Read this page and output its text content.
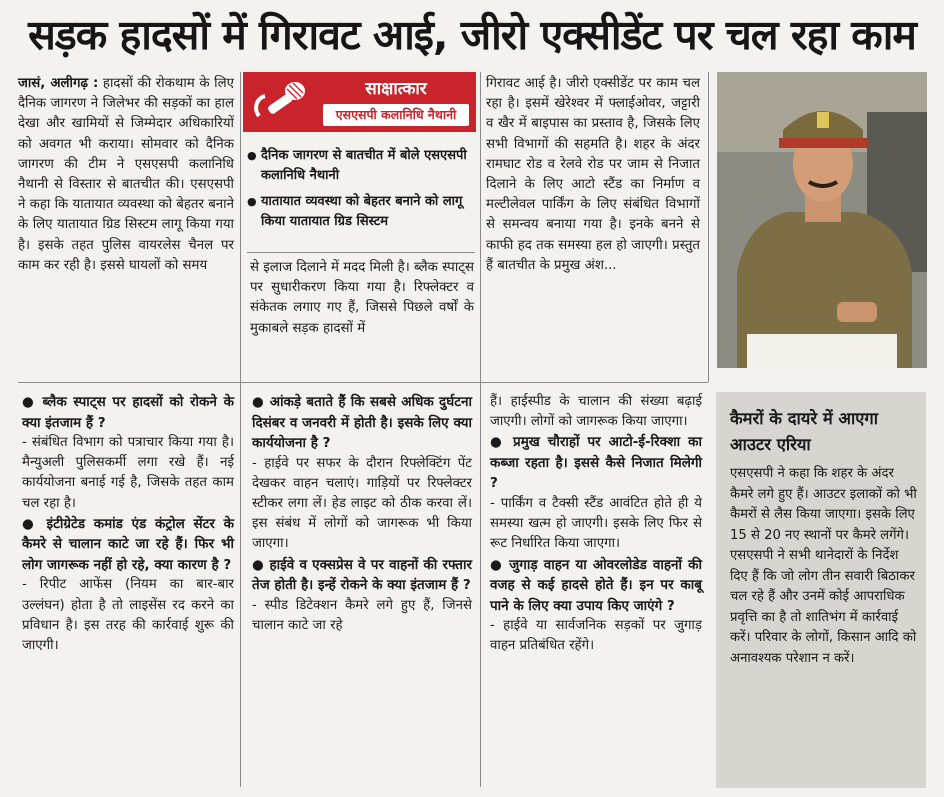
सड़क हादसों में गिरावट आई, जीरो एक्सीडेंट पर चल रहा काम

जासं, अलीगढ़ : हादसों की रोकथाम के लिए दैनिक जागरण ने जिलेभर की सड़कों का हाल देखा और खामियों से जिम्मेदार अधिकारियों को अवगत भी कराया। सोमवार को दैनिक जागरण की टीम ने एसएसपी कलानिधि नैथानी से विस्तार से बातचीत की। एसएसपी ने कहा कि यातायात व्यवस्था को बेहतर बनाने के लिए यातायात ग्रिड सिस्टम लागू किया गया है। इसके तहत पुलिस वायरलेस चैनल पर काम कर रही है। इससे घायलों को समय

साक्षात्कार
एसएसपी कलानिधि नैथानी
● दैनिक जागरण से बातचीत में बोले एसएसपी कलानिधि नैथानी
● यातायात व्यवस्था को बेहतर बनाने को लागू किया यातायात ग्रिड सिस्टम

से इलाज दिलाने में मदद मिली है। ब्लैक स्पाट्स पर सुधारीकरण किया गया है। रिफ्लेक्टर व संकेतक लगाए गए हैं, जिससे पिछले वर्षों के मुकाबले सड़क हादसों में

गिरावट आई है। जीरो एक्सीडेंट पर काम चल रहा है। इसमें खेरेश्वर में फ्लाईओवर, जट्टारी व खैर में बाइपास का प्रस्ताव है, जिसके लिए सभी विभागों की सहमति है। शहर के अंदर रामघाट रोड व रेलवे रोड पर जाम से निजात दिलाने के लिए आटो स्टैंड का निर्माण व मल्टीलेवल पार्किंग के लिए संबंधित विभागों से समन्वय बनाया गया है। इनके बनने से काफी हद तक समस्या हल हो जाएगी। प्रस्तुत हैं बातचीत के प्रमुख अंश...

● ब्लैक स्पाट्स पर हादसों को रोकने के क्या इंतजाम हैं ?

- संबंधित विभाग को पत्राचार किया गया है। मैन्युअली पुलिसकर्मी लगा रखे हैं। नई कार्ययोजना बनाई गई है, जिसके तहत काम चल रहा है।

● इंटीग्रेटेड कमांड एंड कंट्रोल सेंटर के कैमरे से चालान काटे जा रहे हैं। फिर भी लोग जागरूक नहीं हो रहे, क्या कारण है ?

- रिपीट आफेंस (नियम का बार-बार उल्लंघन) होता है तो लाइसेंस रद करने का प्रविधान है। इस तरह की कार्रवाई शुरू की जाएगी।

● आंकड़े बताते हैं कि सबसे अधिक दुर्घटना दिसंबर व जनवरी में होती है। इसके लिए क्या कार्ययोजना है ?

- हाईवे पर सफर के दौरान रिफ्लेक्टिंग पेंट देखकर वाहन चलाएं। गाड़ियों पर रिफ्लेक्टर स्टीकर लगा लें। हेड लाइट को ठीक करवा लें। इस संबंध में लोगों को जागरूक भी किया जाएगा।

● हाईवे व एक्सप्रेस वे पर वाहनों की रफ्तार तेज होती है। इन्हें रोकने के क्या इंतजाम हैं ?

- स्पीड डिटेक्शन कैमरे लगे हुए हैं, जिनसे चालान काटे जा रहे

हैं। हाईस्पीड के चालान की संख्या बढ़ाई जाएगी। लोगों को जागरूक किया जाएगा।

● प्रमुख चौराहों पर आटो-ई-रिक्शा का कब्जा रहता है। इससे कैसे निजात मिलेगी ?

- पार्किंग व टैक्सी स्टैंड आवंटित होते ही ये समस्या खत्म हो जाएगी। इसके लिए फिर से रूट निर्धारित किया जाएगा।

● जुगाड़ वाहन या ओवरलोडेड वाहनों की वजह से कई हादसे होते हैं। इन पर काबू पाने के लिए क्या उपाय किए जाएंगे ?

- हाईवे या सार्वजनिक सड़कों पर जुगाड़ वाहन प्रतिबंधित रहेंगे।

कैमरों के दायरे में आएगा आउटर एरिया
एसएसपी ने कहा कि शहर के अंदर कैमरे लगे हुए हैं। आउटर इलाकों को भी कैमरों से लैस किया जाएगा। इसके लिए 15 से 20 नए स्थानों पर कैमरे लगेंगे। एसएसपी ने सभी थानेदारों के निर्देश दिए हैं कि जो लोग तीन सवारी बिठाकर चल रहे हैं और उनमें कोई आपराधिक प्रवृत्ति का है तो शातिभंग में कार्रवाई करें। परिवार के लोगों, किसान आदि को अनावश्यक परेशान न करें।
